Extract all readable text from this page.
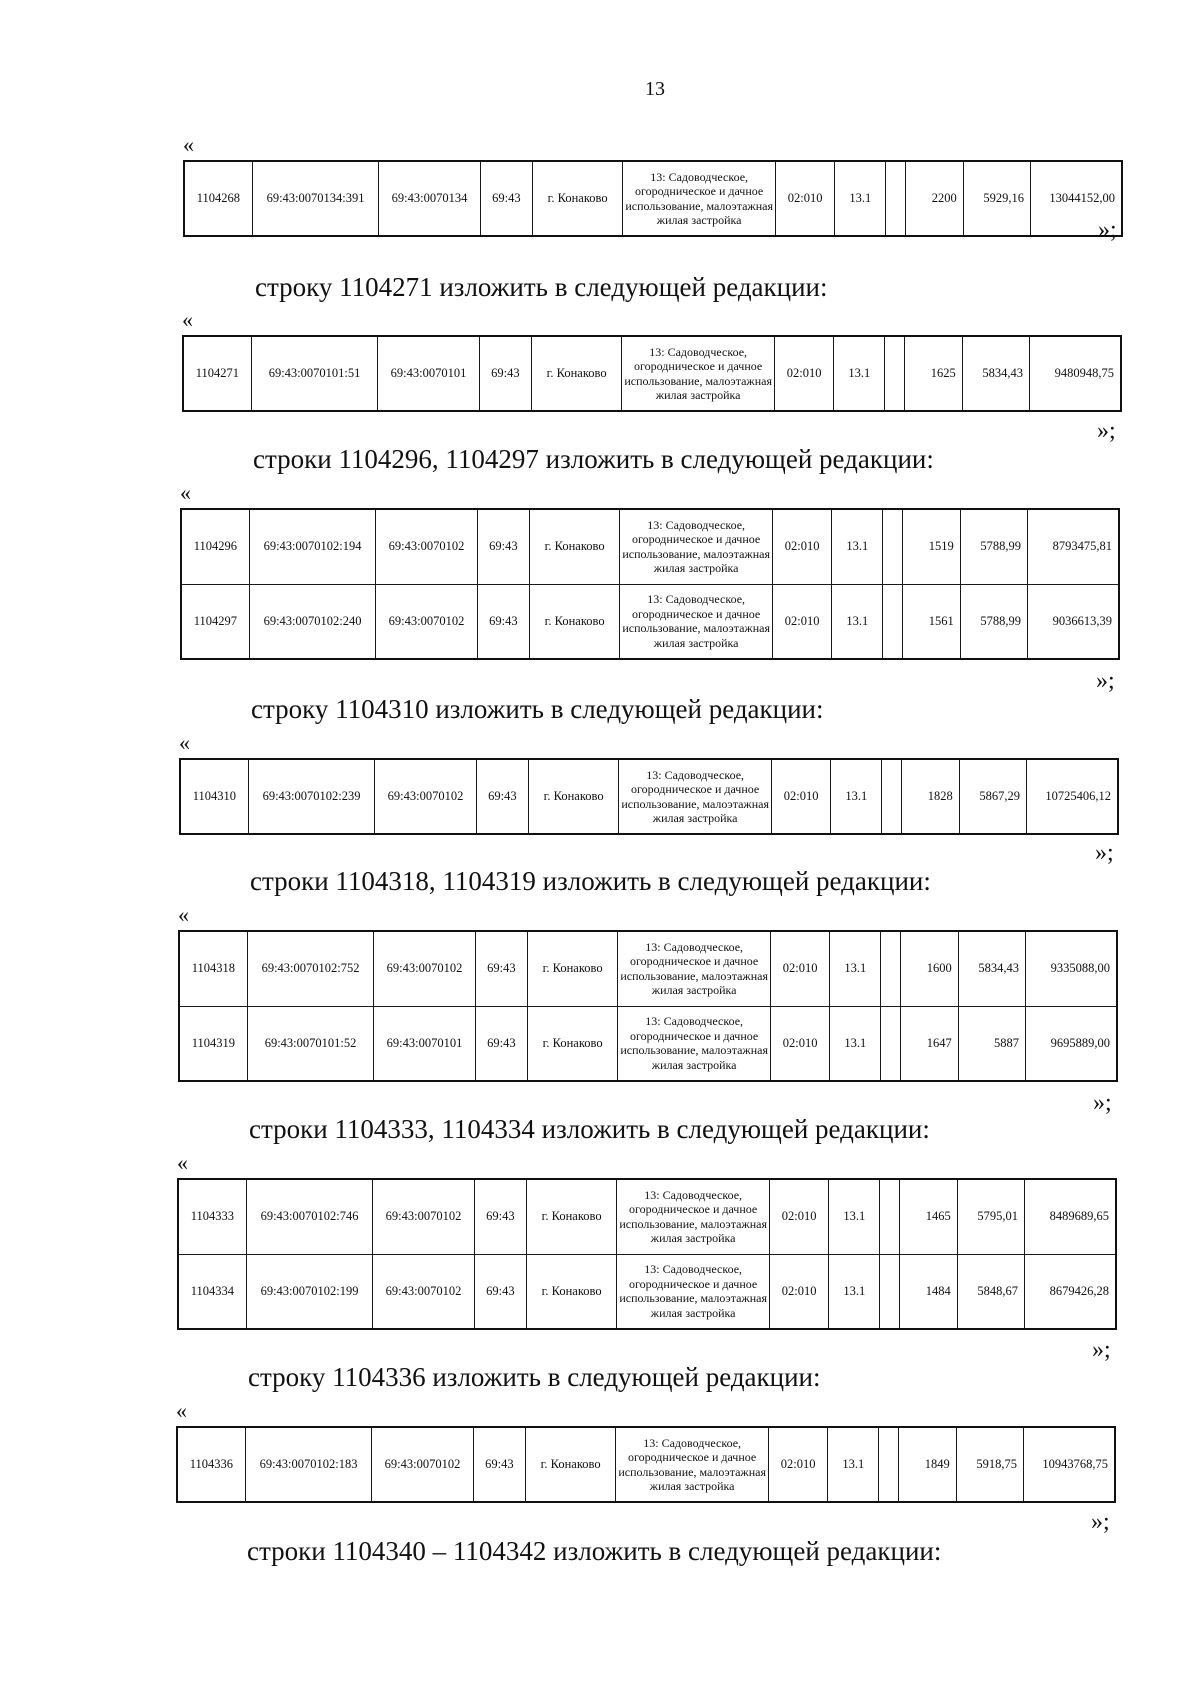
13
«
1104268	69:43:0070134:391	69:43:0070134	69:43	г. Конаково	13: Садоводческое, огородническое и дачное использование, малоэтажная жилая застройка	02:010	13.1		2200	5929,16	13044152,00
»;
строку 1104271 изложить в следующей редакции:
«
1104271	69:43:0070101:51	69:43:0070101	69:43	г. Конаково	13: Садоводческое, огородническое и дачное использование, малоэтажная жилая застройка	02:010	13.1		1625	5834,43	9480948,75
»;
строки 1104296, 1104297 изложить в следующей редакции:
«
1104296	69:43:0070102:194	69:43:0070102	69:43	г. Конаково	13: Садоводческое, огородническое и дачное использование, малоэтажная жилая застройка	02:010	13.1		1519	5788,99	8793475,81
1104297	69:43:0070102:240	69:43:0070102	69:43	г. Конаково	13: Садоводческое, огородническое и дачное использование, малоэтажная жилая застройка	02:010	13.1		1561	5788,99	9036613,39
»;
строку 1104310 изложить в следующей редакции:
«
1104310	69:43:0070102:239	69:43:0070102	69:43	г. Конаково	13: Садоводческое, огородническое и дачное использование, малоэтажная жилая застройка	02:010	13.1		1828	5867,29	10725406,12
»;
строки 1104318, 1104319 изложить в следующей редакции:
«
1104318	69:43:0070102:752	69:43:0070102	69:43	г. Конаково	13: Садоводческое, огородническое и дачное использование, малоэтажная жилая застройка	02:010	13.1		1600	5834,43	9335088,00
1104319	69:43:0070101:52	69:43:0070101	69:43	г. Конаково	13: Садоводческое, огородническое и дачное использование, малоэтажная жилая застройка	02:010	13.1		1647	5887	9695889,00
»;
строки 1104333, 1104334 изложить в следующей редакции:
«
1104333	69:43:0070102:746	69:43:0070102	69:43	г. Конаково	13: Садоводческое, огородническое и дачное использование, малоэтажная жилая застройка	02:010	13.1		1465	5795,01	8489689,65
1104334	69:43:0070102:199	69:43:0070102	69:43	г. Конаково	13: Садоводческое, огородническое и дачное использование, малоэтажная жилая застройка	02:010	13.1		1484	5848,67	8679426,28
»;
строку 1104336 изложить в следующей редакции:
«
1104336	69:43:0070102:183	69:43:0070102	69:43	г. Конаково	13: Садоводческое, огородническое и дачное использование, малоэтажная жилая застройка	02:010	13.1		1849	5918,75	10943768,75
»;
строки 1104340 – 1104342 изложить в следующей редакции:
